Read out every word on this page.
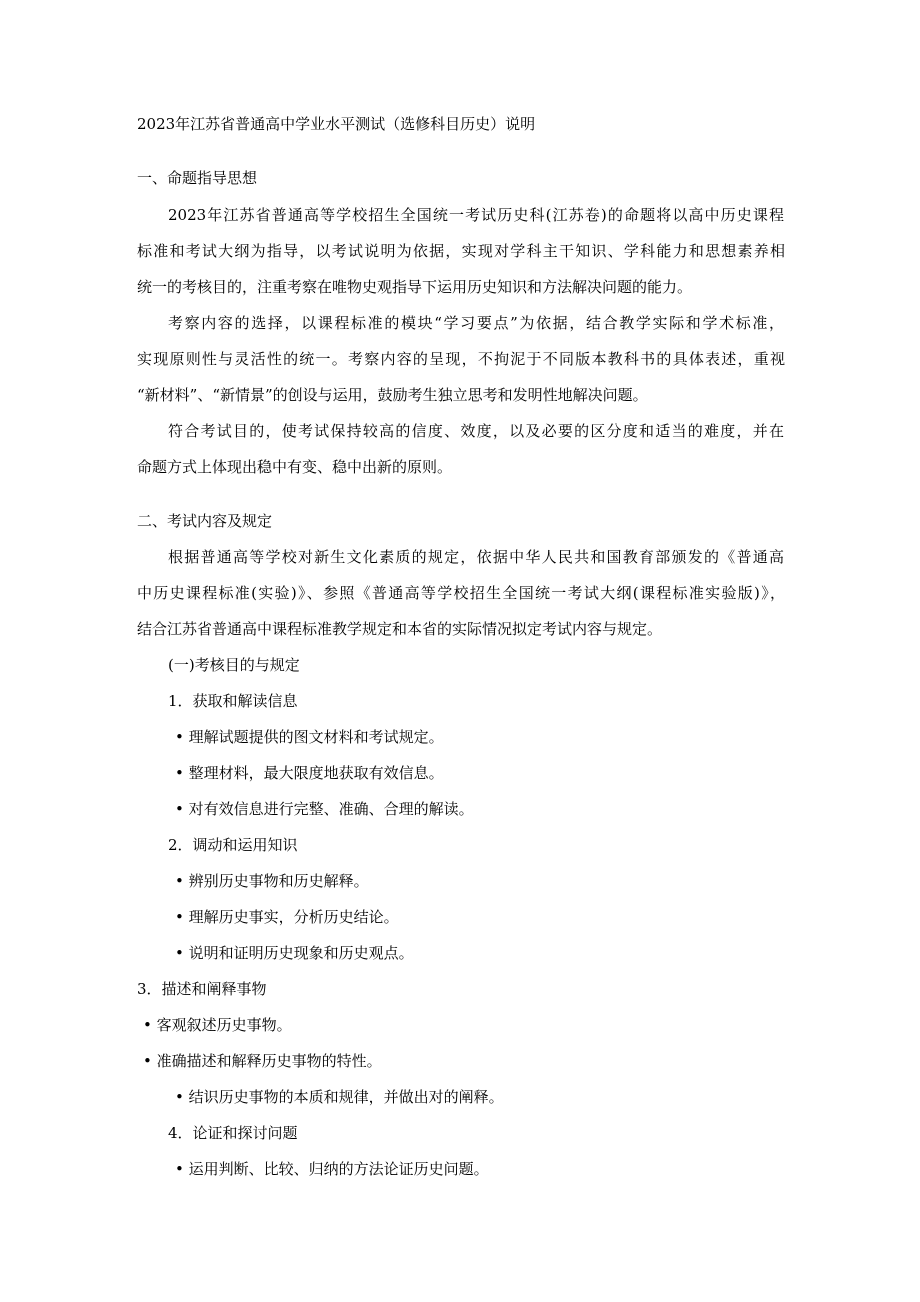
2023年江苏省普通高中学业水平测试（选修科目历史）说明

一、命题指导思想

2023年江苏省普通高等学校招生全国统一考试历史科(江苏卷)的命题将以高中历史课程

标准和考试大纲为指导，以考试说明为依据，实现对学科主干知识、学科能力和思想素养相

统一的考核目的，注重考察在唯物史观指导下运用历史知识和方法解决问题的能力。

考察内容的选择，以课程标准的模块“学习要点”为依据，结合教学实际和学术标准，

实现原则性与灵活性的统一。考察内容的呈现，不拘泥于不同版本教科书的具体表述，重视

“新材料”、“新情景”的创设与运用，鼓励考生独立思考和发明性地解决问题。

符合考试目的，使考试保持较高的信度、效度，以及必要的区分度和适当的难度，并在

命题方式上体现出稳中有变、稳中出新的原则。

二、考试内容及规定

根据普通高等学校对新生文化素质的规定，依据中华人民共和国教育部颁发的《普通高

中历史课程标准(实验)》、参照《普通高等学校招生全国统一考试大纲(课程标准实验版)》，

结合江苏省普通高中课程标准教学规定和本省的实际情况拟定考试内容与规定。

(一)考核目的与规定

1．获取和解读信息

• 理解试题提供的图文材料和考试规定。

• 整理材料，最大限度地获取有效信息。

• 对有效信息进行完整、准确、合理的解读。

2．调动和运用知识

• 辨别历史事物和历史解释。

• 理解历史事实，分析历史结论。

• 说明和证明历史现象和历史观点。

3．描述和阐释事物

• 客观叙述历史事物。

• 准确描述和解释历史事物的特性。

• 结识历史事物的本质和规律，并做出对的阐释。

4．论证和探讨问题

• 运用判断、比较、归纳的方法论证历史问题。
